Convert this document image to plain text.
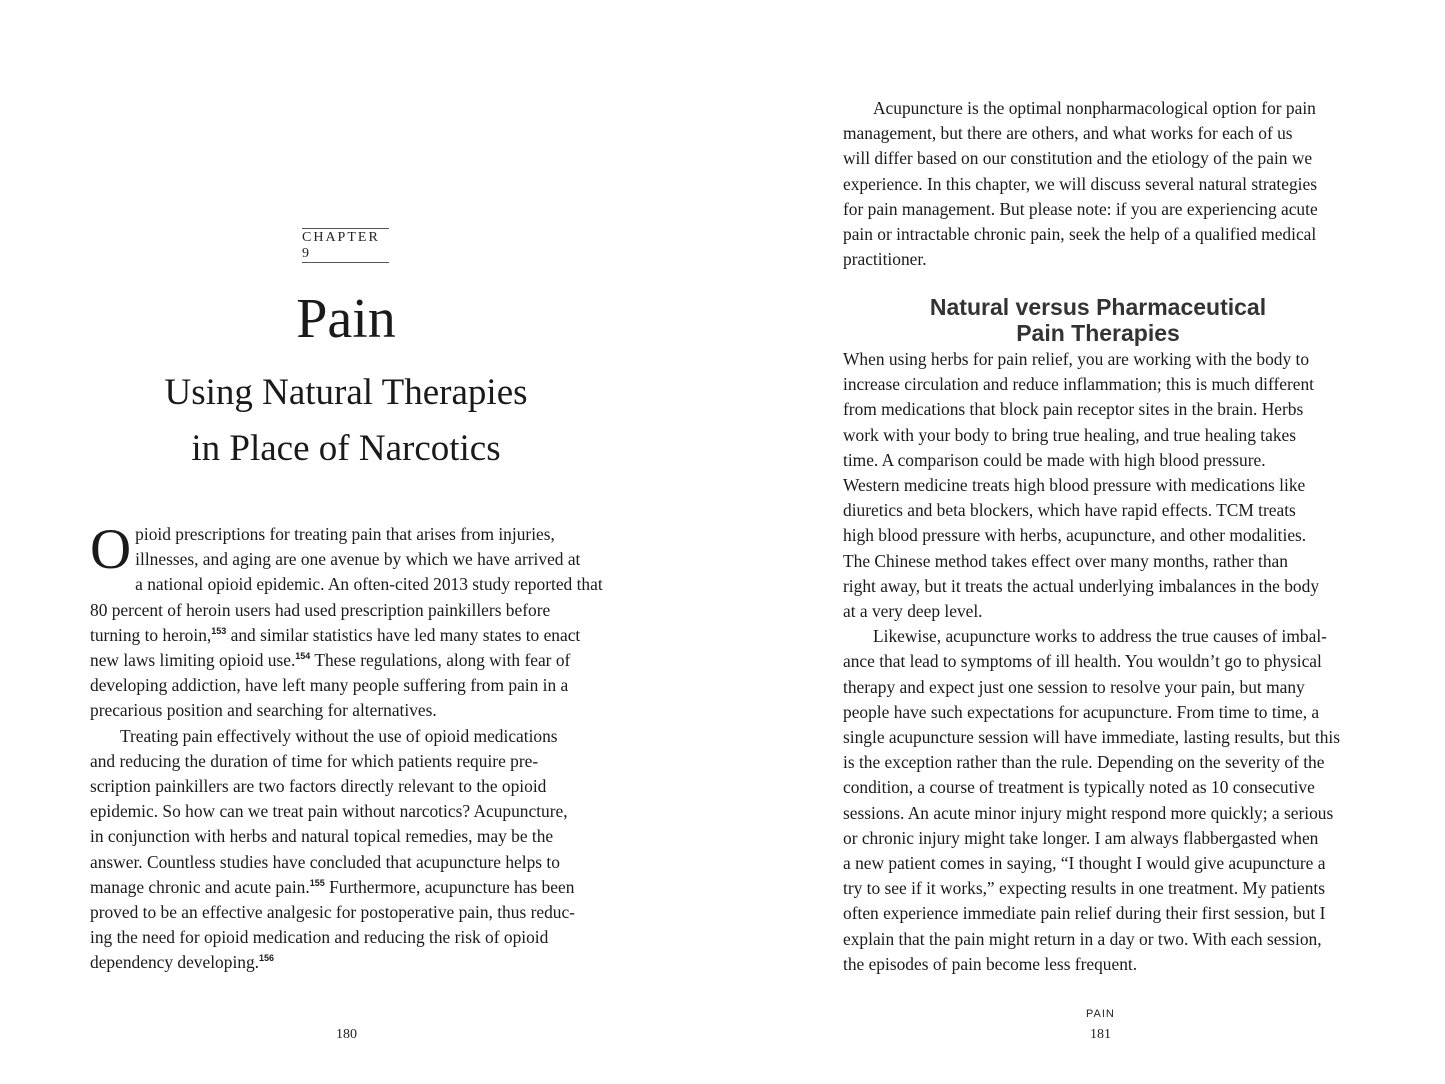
CHAPTER 9
Pain
Using Natural Therapies
in Place of Narcotics

O pioid prescriptions for treating pain that arises from injuries,
illnesses, and aging are one avenue by which we have arrived at
a national opioid epidemic. An often-cited 2013 study reported that
80 percent of heroin users had used prescription painkillers before
turning to heroin,$^{153}$ and similar statistics have led many states to enact
new laws limiting opioid use.$^{154}$ These regulations, along with fear of
developing addiction, have left many people suffering from pain in a
precarious position and searching for alternatives.

Treating pain effectively without the use of opioid medications
and reducing the duration of time for which patients require pre-
scription painkillers are two factors directly relevant to the opioid
epidemic. So how can we treat pain without narcotics? Acupuncture,
in conjunction with herbs and natural topical remedies, may be the
answer. Countless studies have concluded that acupuncture helps to
manage chronic and acute pain.$^{155}$ Furthermore, acupuncture has been
proved to be an effective analgesic for postoperative pain, thus reduc-
ing the need for opioid medication and reducing the risk of opioid
dependency developing.$^{156}$

180

Acupuncture is the optimal nonpharmacological option for pain
management, but there are others, and what works for each of us
will differ based on our constitution and the etiology of the pain we
experience. In this chapter, we will discuss several natural strategies
for pain management. But please note: if you are experiencing acute
pain or intractable chronic pain, seek the help of a qualified medical
practitioner.

Natural versus Pharmaceutical
Pain Therapies

When using herbs for pain relief, you are working with the body to
increase circulation and reduce inflammation; this is much different
from medications that block pain receptor sites in the brain. Herbs
work with your body to bring true healing, and true healing takes
time. A comparison could be made with high blood pressure.
Western medicine treats high blood pressure with medications like
diuretics and beta blockers, which have rapid effects. TCM treats
high blood pressure with herbs, acupuncture, and other modalities.
The Chinese method takes effect over many months, rather than
right away, but it treats the actual underlying imbalances in the body
at a very deep level.

Likewise, acupuncture works to address the true causes of imbal-
ance that lead to symptoms of ill health. You wouldn’t go to physical
therapy and expect just one session to resolve your pain, but many
people have such expectations for acupuncture. From time to time, a
single acupuncture session will have immediate, lasting results, but this
is the exception rather than the rule. Depending on the severity of the
condition, a course of treatment is typically noted as 10 consecutive
sessions. An acute minor injury might respond more quickly; a serious
or chronic injury might take longer. I am always flabbergasted when
a new patient comes in saying, “I thought I would give acupuncture a
try to see if it works,” expecting results in one treatment. My patients
often experience immediate pain relief during their first session, but I
explain that the pain might return in a day or two. With each session,
the episodes of pain become less frequent.

PAIN
181
